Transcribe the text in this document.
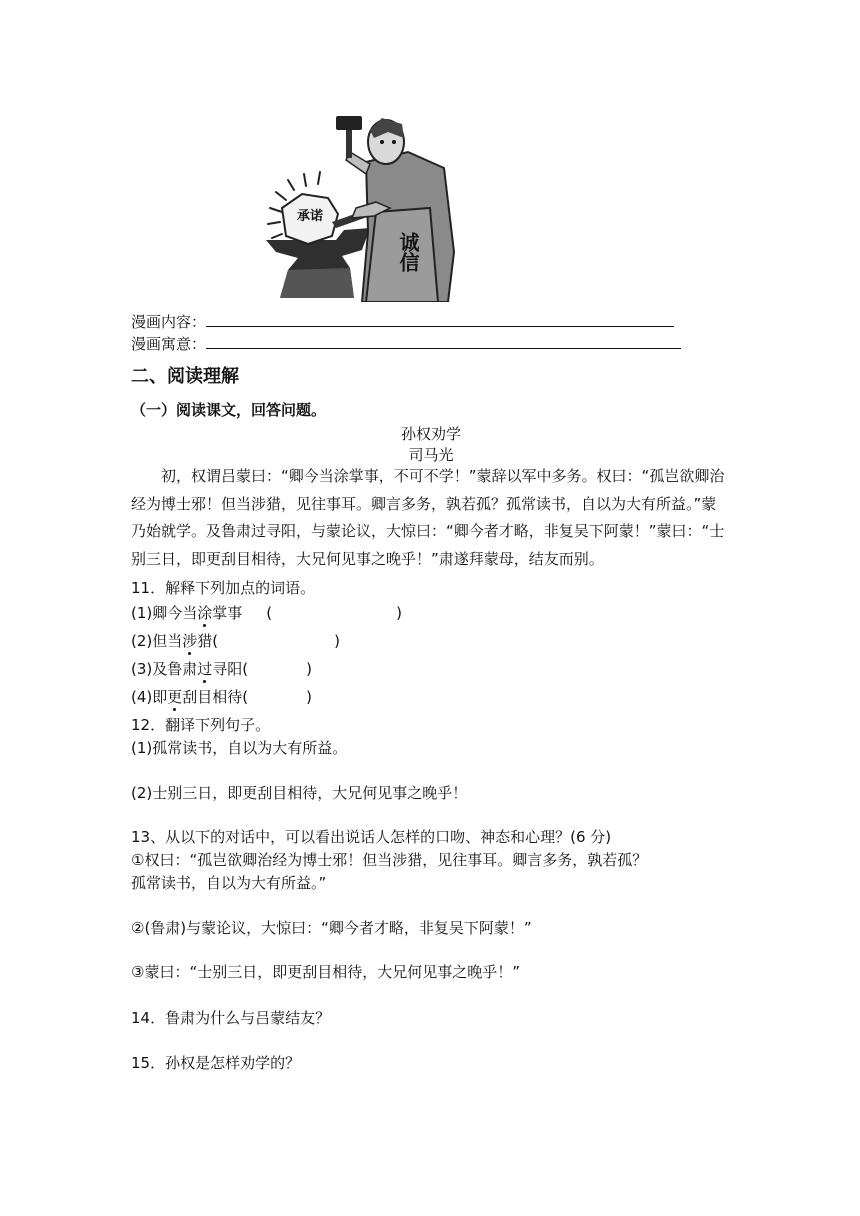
承诺
诚信
漫画内容：
漫画寓意：
二、阅读理解
（一）阅读课文，回答问题。
孙权劝学
司马光
初，权谓吕蒙曰：“卿今当涂掌事，不可不学！”蒙辞以军中多务。权曰：“孤岂欲卿治经为博士邪！但当涉猎，见往事耳。卿言多务，孰若孤？孤常读书，自以为大有所益。”蒙乃始就学。及鲁肃过寻阳，与蒙论议，大惊曰：“卿今者才略，非复吴下阿蒙！”蒙曰：“士别三日，即更刮目相待，大兄何见事之晚乎！”肃遂拜蒙母，结友而别。
11．解释下列加点的词语。
(1)卿今当涂掌事 (	)
(2)但当涉猎(	)
(3)及鲁肃过寻阳(	)
(4)即更刮目相待(	)
12．翻译下列句子。
(1)孤常读书，自以为大有所益。
(2)士别三日，即更刮目相待，大兄何见事之晚乎！
13、从以下的对话中，可以看出说话人怎样的口吻、神态和心理？(6 分)
①权曰：“孤岂欲卿治经为博士邪！但当涉猎，见往事耳。卿言多务，孰若孤？
孤常读书，自以为大有所益。”
②(鲁肃)与蒙论议，大惊曰：“卿今者才略，非复吴下阿蒙！”
③蒙曰：“士别三日，即更刮目相待，大兄何见事之晚乎！”
14．鲁肃为什么与吕蒙结友？
15．孙权是怎样劝学的？
